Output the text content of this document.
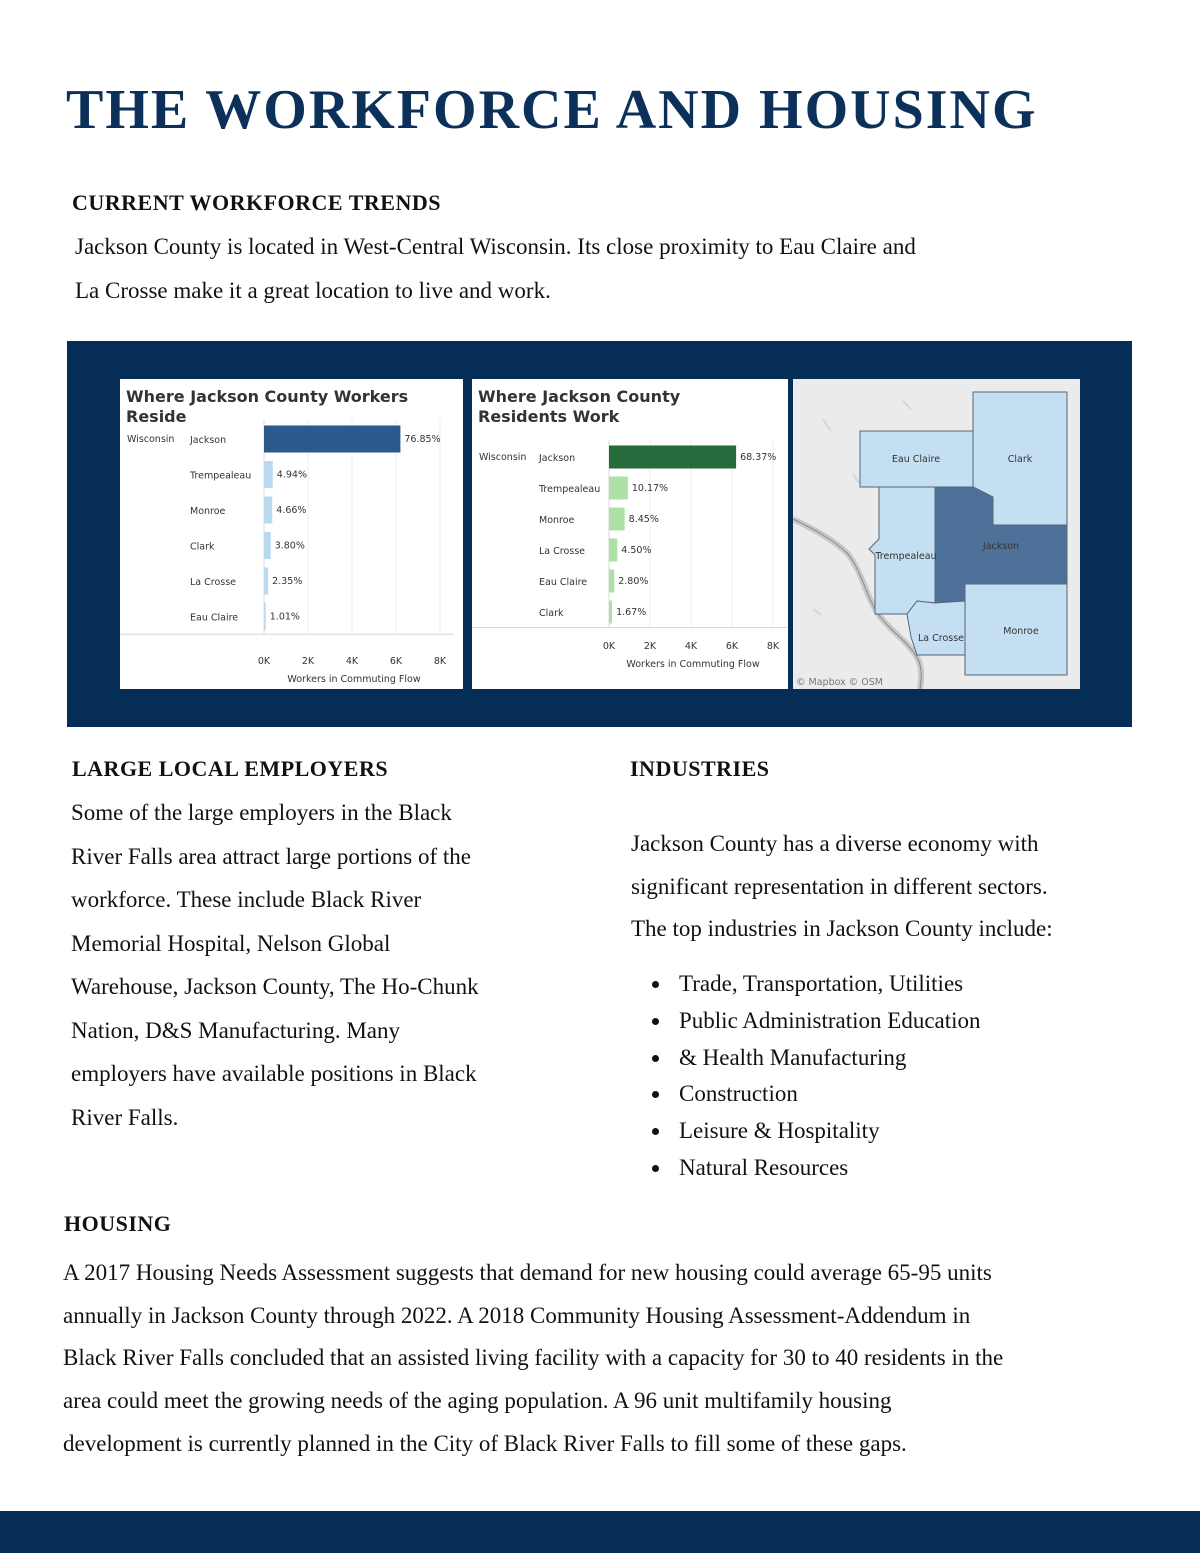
THE WORKFORCE AND HOUSING
CURRENT WORKFORCE TRENDS

Jackson County is located in West-Central Wisconsin. Its close proximity to Eau Claire and
La Crosse make it a great location to live and work.

Where Jackson County Workers
Reside
Wisconsin Jackson	76.85%
Trempealeau	4.94%
Monroe	4.66%
Clark	3.80%
La Crosse	2.35%
Eau Claire	1.01%
0K	2K	4K	6K	8K
Workers in Commuting Flow
Where Jackson County
Residents Work
Wisconsin Jackson	68.37%
Trempealeau	10.17%
Monroe	8.45%
La Crosse	4.50%
Eau Claire	2.80%
Clark	1.67%
0K	2K	4K	6K	8K
Workers in Commuting Flow
Eau Claire	Clark
Trempealeau
Jackson
La Crosse
Monroe
© Mapbox © OSM
LARGE LOCAL EMPLOYERS

Some of the large employers in the Black
River Falls area attract large portions of the
workforce. These include Black River
Memorial Hospital, Nelson Global
Warehouse, Jackson County, The Ho-Chunk
Nation, D&S Manufacturing. Many
employers have available positions in Black
River Falls.

INDUSTRIES

Jackson County has a diverse economy with
significant representation in different sectors.
The top industries in Jackson County include:

Trade, Transportation, Utilities
Public Administration Education
& Health Manufacturing
Construction
Leisure & Hospitality
Natural Resources
HOUSING

A 2017 Housing Needs Assessment suggests that demand for new housing could average 65-95 units
annually in Jackson County through 2022. A 2018 Community Housing Assessment-Addendum in
Black River Falls concluded that an assisted living facility with a capacity for 30 to 40 residents in the
area could meet the growing needs of the aging population. A 96 unit multifamily housing
development is currently planned in the City of Black River Falls to fill some of these gaps.
